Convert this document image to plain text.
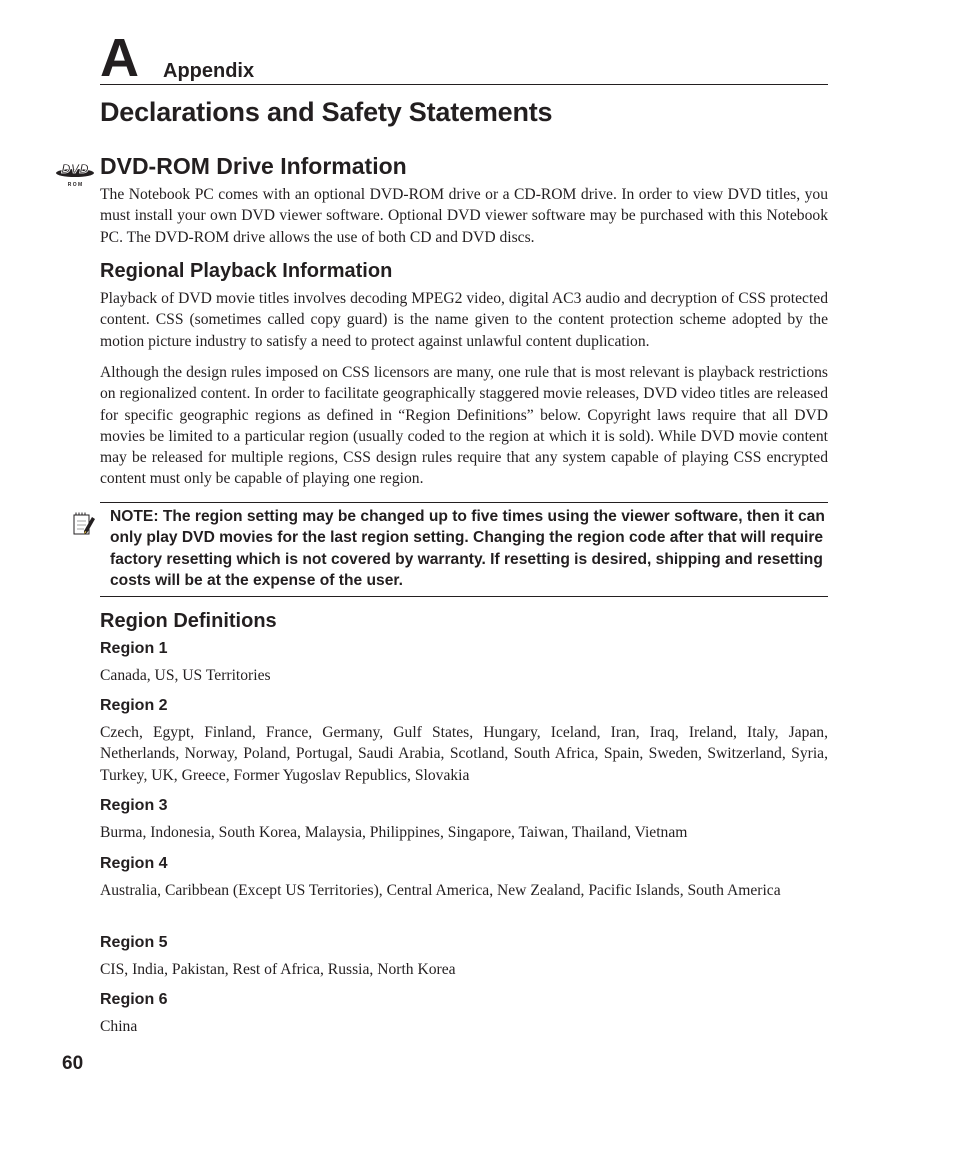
A Appendix
Declarations and Safety Statements
DVD
R O M
DVD-ROM Drive Information

The Notebook PC comes with an optional DVD-ROM drive or a CD-ROM drive. In order to view DVD titles, you must install your own DVD viewer software. Optional DVD viewer software may be purchased with this Notebook PC. The DVD-ROM drive allows the use of both CD and DVD discs.

Regional Playback Information

Playback of DVD movie titles involves decoding MPEG2 video, digital AC3 audio and decryption of CSS protected content. CSS (sometimes called copy guard) is the name given to the content protection scheme adopted by the motion picture industry to satisfy a need to protect against unlawful content duplication.

Although the design rules imposed on CSS licensors are many, one rule that is most relevant is playback restrictions on regionalized content. In order to facilitate geographically staggered movie releases, DVD video titles are released for specific geographic regions as defined in “Region Definitions” below. Copyright laws require that all DVD movies be limited to a particular region (usually coded to the region at which it is sold). While DVD movie content may be released for multiple regions, CSS design rules require that any system capable of playing CSS encrypted content must only be capable of playing one region.

NOTE: The region setting may be changed up to five times using the viewer software, then it can only play DVD movies for the last region setting. Changing the region code after that will require factory resetting which is not covered by warranty. If resetting is desired, shipping and resetting costs will be at the expense of the user.

Region Definitions
Region 1

Canada, US, US Territories

Region 2

Czech, Egypt, Finland, France, Germany, Gulf States, Hungary, Iceland, Iran, Iraq, Ireland, Italy, Japan, Netherlands, Norway, Poland, Portugal, Saudi Arabia, Scotland, South Africa, Spain, Sweden, Switzerland, Syria, Turkey, UK, Greece, Former Yugoslav Republics, Slovakia

Region 3

Burma, Indonesia, South Korea, Malaysia, Philippines, Singapore, Taiwan, Thailand, Vietnam

Region 4

Australia, Caribbean (Except US Territories), Central America, New Zealand, Pacific Islands, South America

Region 5

CIS, India, Pakistan, Rest of Africa, Russia, North Korea

Region 6

China

60
